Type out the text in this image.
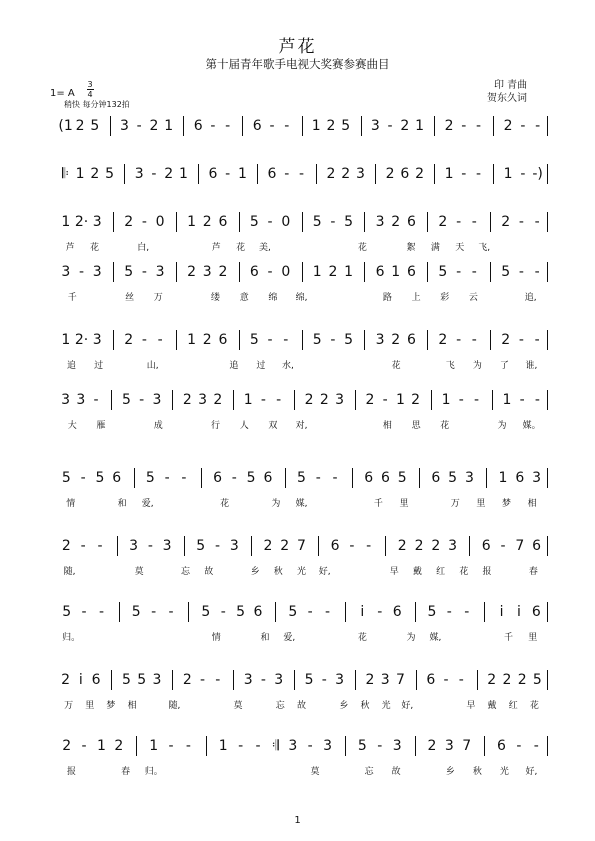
芦花
第十届青年歌手电视大奖赛参赛曲目
1= A
3
4
稍快 每分钟132拍
印 青曲
贺东久词
(1 2 5 3 - 2 1 6 - -	6 - -	1 2 5 3 - 2 1 2 - -	2 - -
𝄆 1 2 5 3 - 2 1 6 - 1 6 - -	2 2 3 2 6 2 1 - -	1 - -)
1 2· 3 2 - 0 1 2 6 5 - 0 5 - 5 3 2 6 2 - -	2 - -
芦	花	白,	芦	花	美,	花	絮	满	天	飞,
3 - 3 5 - 3 2 3 2 6 - 0 1 2 1 6 1 6 5 - -	5 - -
千	丝	万	缕	意	绵	绵,	路	上	彩	云	追,
1 2· 3 2 - -	1 2 6 5 - -	5 - 5 3 2 6 2 - -	2 - -
追	过	山,	追	过	水,	花	飞	为	了	谁,
3 3 -	5 - 3 2 3 2 1 - -	2 2 3 2 - 1 2 1 - -	1 - -
大	雁	成	行	人	双	对,	相	思	花	为	媒。
5 - 5 6 5 - -	6 - 5 6 5 - -	6 6 5 6 5 3 1 6 3
情	和	爱,	花	为	媒,	千	里	万	里	梦	相
2 - -	3 - 3 5 - 3 2 2 7 6 - -	2 2 2 3 6 - 7 6
随,	莫	忘	故	乡	秋	光	好,	早	戴	红	花	报	春
5 - -	5 - -	5 - 5 6 5 - -	i - 6 5 - -	i i 6
归。	情	和	爱,	花	为	媒,	千	里
2 i 6 5 5 3 2 - -	3 - 3 5 - 3 2 3 7 6 - -	2 2 2 5
万	里	梦	相	随,	莫	忘	故	乡	秋	光	好,	早	戴	红	花
2 - 1 2 1 - -	1 - - 𝄇 3 - 3 5 - 3 2 3 7 6 - -
报	春	归。	莫	忘	故	乡	秋	光	好,
1
